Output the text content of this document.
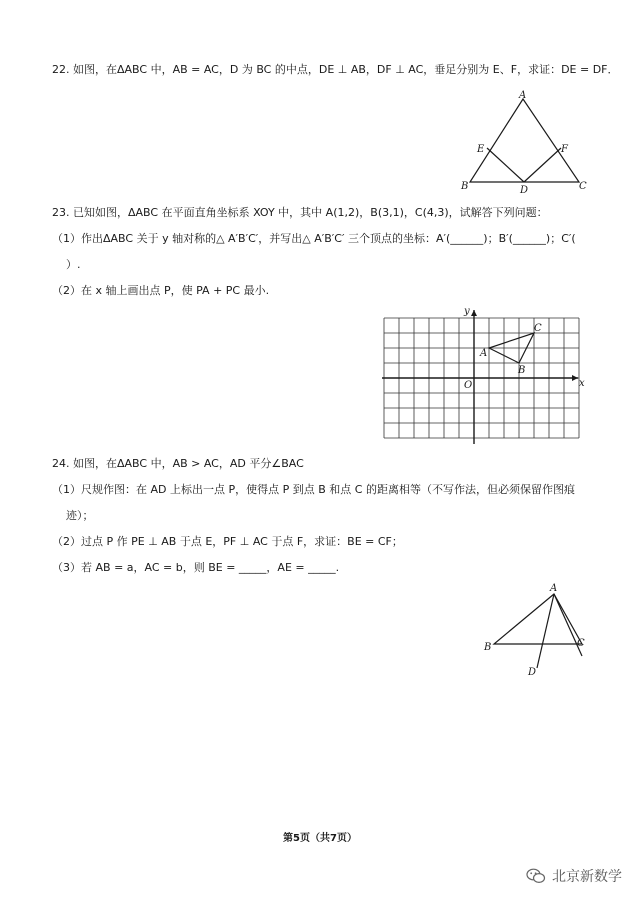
22. 如图，在ΔABC 中，AB = AC，D 为 BC 的中点，DE ⊥ AB，DF ⊥ AC，垂足分别为 E、F，求证：DE = DF．
A
B	C
D
E	F
23. 已知如图，ΔABC 在平面直角坐标系 XOY 中，其中 A(1,2)，B(3,1)，C(4,3)，试解答下列问题：
（1）作出ΔABC 关于 y 轴对称的△ A′B′C′，并写出△ A′B′C′ 三个顶点的坐标：A′(______)；B′(______)；C′(
）.
（2）在 x 轴上画出点 P，使 PA + PC 最小.
x
y
O
A
B
C
24. 如图，在ΔABC 中，AB > AC，AD 平分∠BAC
（1）尺规作图：在 AD 上标出一点 P，使得点 P 到点 B 和点 C 的距离相等（不写作法，但必须保留作图痕
迹）；
（2）过点 P 作 PE ⊥ AB 于点 E，PF ⊥ AC 于点 F，求证：BE = CF；
（3）若 AB = a，AC = b，则 BE = _____，AE = _____.
A
B	C
D
第5页（共7页）
北京新数学
